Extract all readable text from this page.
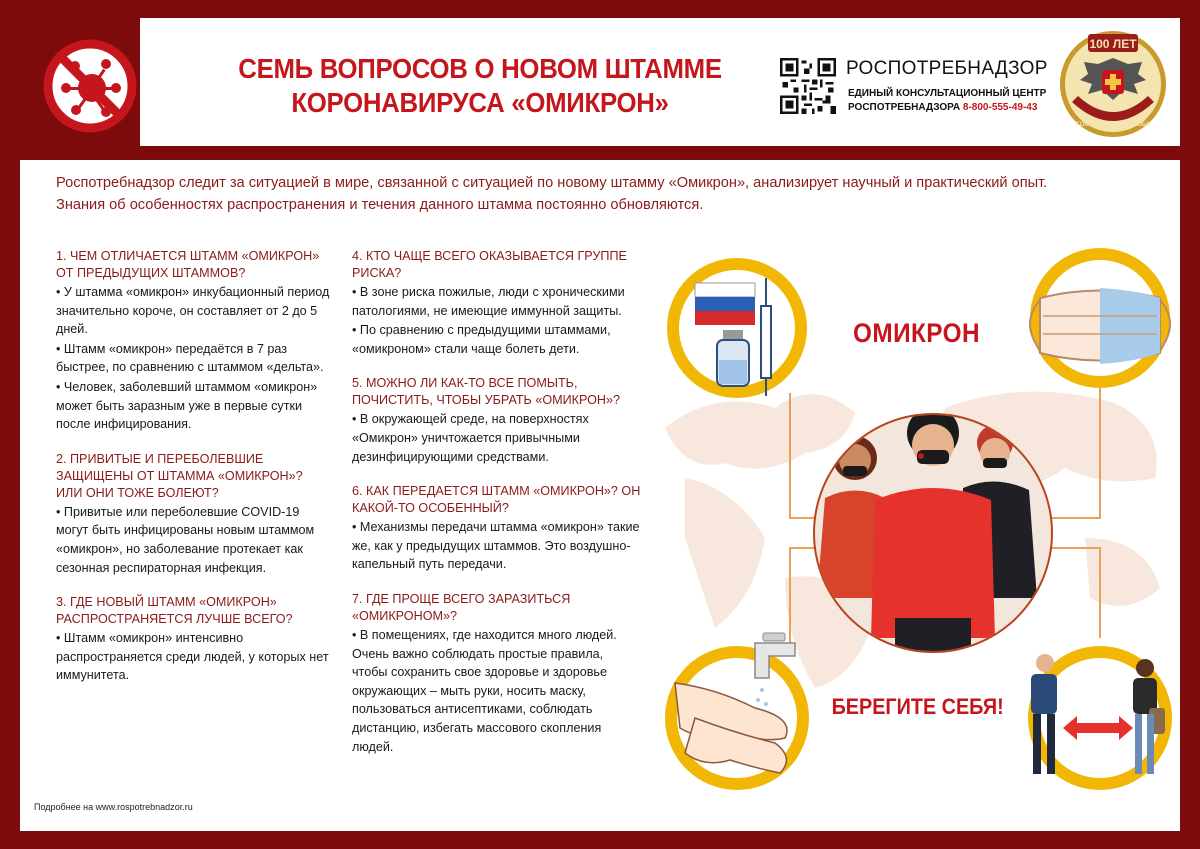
СЕМЬ ВОПРОСОВ О НОВОМ ШТАММЕ
КОРОНАВИРУСА «ОМИКРОН»
РОСПОТРЕБНАДЗОР
ЕДИНЫЙ КОНСУЛЬТАЦИОННЫЙ ЦЕНТР
РОСПОТРЕБНАДЗОРА 8-800-555-49-43
100 ЛЕТ
ГОССАНЭПИДСЛУЖБА
Роспотребнадзор следит за ситуацией в мире, связанной с ситуацией по новому штамму «Омикрон», анализирует научный и практический опыт.
Знания об особенностях распространения и течения данного штамма постоянно обновляются.
1. ЧЕМ ОТЛИЧАЕТСЯ ШТАММ «ОМИКРОН» ОТ ПРЕДЫДУЩИХ ШТАММОВ?
• У штамма «омикрон» инкубационный период значительно короче, он составляет от 2 до 5 дней.
• Штамм «омикрон» передаётся в 7 раз быстрее, по сравнению с штаммом «дельта».
• Человек, заболевший штаммом «омикрон» может быть заразным уже в первые сутки после инфицирования.
2. ПРИВИТЫЕ И ПЕРЕБОЛЕВШИЕ ЗАЩИЩЕНЫ ОТ ШТАММА «ОМИКРОН»? ИЛИ ОНИ ТОЖЕ БОЛЕЮТ?
• Привитые или переболевшие COVID-19 могут быть инфицированы новым штаммом «омикрон», но заболевание протекает как сезонная респираторная инфекция.
3. ГДЕ НОВЫЙ ШТАММ «ОМИКРОН» РАСПРОСТРАНЯЕТСЯ ЛУЧШЕ ВСЕГО?
• Штамм «омикрон» интенсивно распространяется среди людей, у которых нет иммунитета.
4. КТО ЧАЩЕ ВСЕГО ОКАЗЫВАЕТСЯ ГРУППЕ РИСКА?
• В зоне риска пожилые, люди с хроническими патологиями, не имеющие иммунной защиты.
• По сравнению с предыдущими штаммами, «омикроном» стали чаще болеть дети.
5. МОЖНО ЛИ КАК-ТО ВСЕ ПОМЫТЬ, ПОЧИСТИТЬ, ЧТОБЫ УБРАТЬ «ОМИКРОН»?
• В окружающей среде, на поверхностях «Омикрон» уничтожается привычными дезинфицирующими средствами.
6. КАК ПЕРЕДАЕТСЯ ШТАММ «ОМИКРОН»? ОН КАКОЙ-ТО ОСОБЕННЫЙ?
• Механизмы передачи штамма «омикрон» такие же, как у предыдущих штаммов. Это воздушно-капельный путь передачи.
7. ГДЕ ПРОЩЕ ВСЕГО ЗАРАЗИТЬСЯ «ОМИКРОНОМ»?
• В помещениях, где находится много людей. Очень важно соблюдать простые правила, чтобы сохранить свое здоровье и здоровье окружающих – мыть руки, носить маску, пользоваться антисептиками, соблюдать дистанцию, избегать массового скопления людей.
ОМИКРОН
БЕРЕГИТЕ СЕБЯ!
Подробнее на www.rospotrebnadzor.ru
